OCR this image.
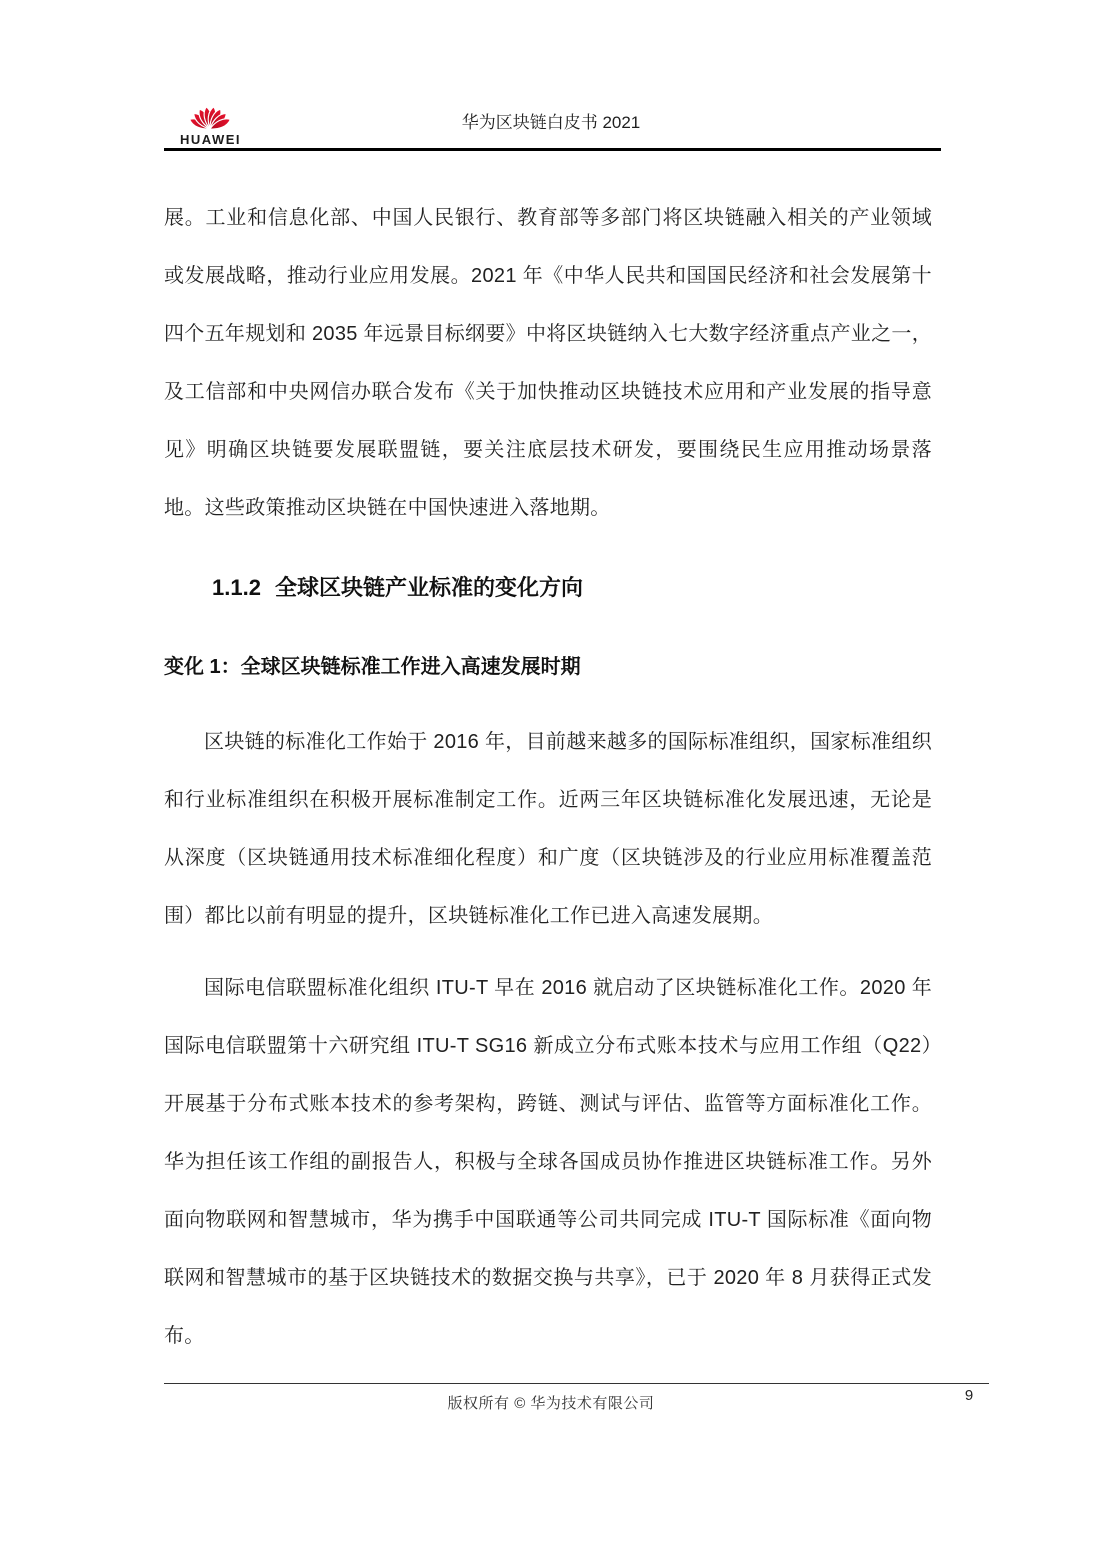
HUAWEI
华为区块链白皮书 2021

展。工业和信息化部、中国人民银行、教育部等多部门将区块链融入相关的产业领域或发展战略，推动行业应用发展。2021 年《中华人民共和国国民经济和社会发展第十四个五年规划和 2035 年远景目标纲要》中将区块链纳入七大数字经济重点产业之一，及工信部和中央网信办联合发布《关于加快推动区块链技术应用和产业发展的指导意见》明确区块链要发展联盟链，要关注底层技术研发，要围绕民生应用推动场景落地。这些政策推动区块链在中国快速进入落地期。

1.1.2 全球区块链产业标准的变化方向
变化 1：全球区块链标准工作进入高速发展时期

区块链的标准化工作始于 2016 年，目前越来越多的国际标准组织，国家标准组织和行业标准组织在积极开展标准制定工作。近两三年区块链标准化发展迅速，无论是从深度（区块链通用技术标准细化程度）和广度（区块链涉及的行业应用标准覆盖范围）都比以前有明显的提升，区块链标准化工作已进入高速发展期。

国际电信联盟标准化组织 ITU-T 早在 2016 就启动了区块链标准化工作。2020 年国际电信联盟第十六研究组 ITU-T SG16 新成立分布式账本技术与应用工作组（Q22）开展基于分布式账本技术的参考架构，跨链、测试与评估、监管等方面标准化工作。华为担任该工作组的副报告人，积极与全球各国成员协作推进区块链标准工作。另外面向物联网和智慧城市，华为携手中国联通等公司共同完成 ITU-T 国际标准《面向物联网和智慧城市的基于区块链技术的数据交换与共享》，已于 2020 年 8 月获得正式发布。

版权所有 © 华为技术有限公司	9
